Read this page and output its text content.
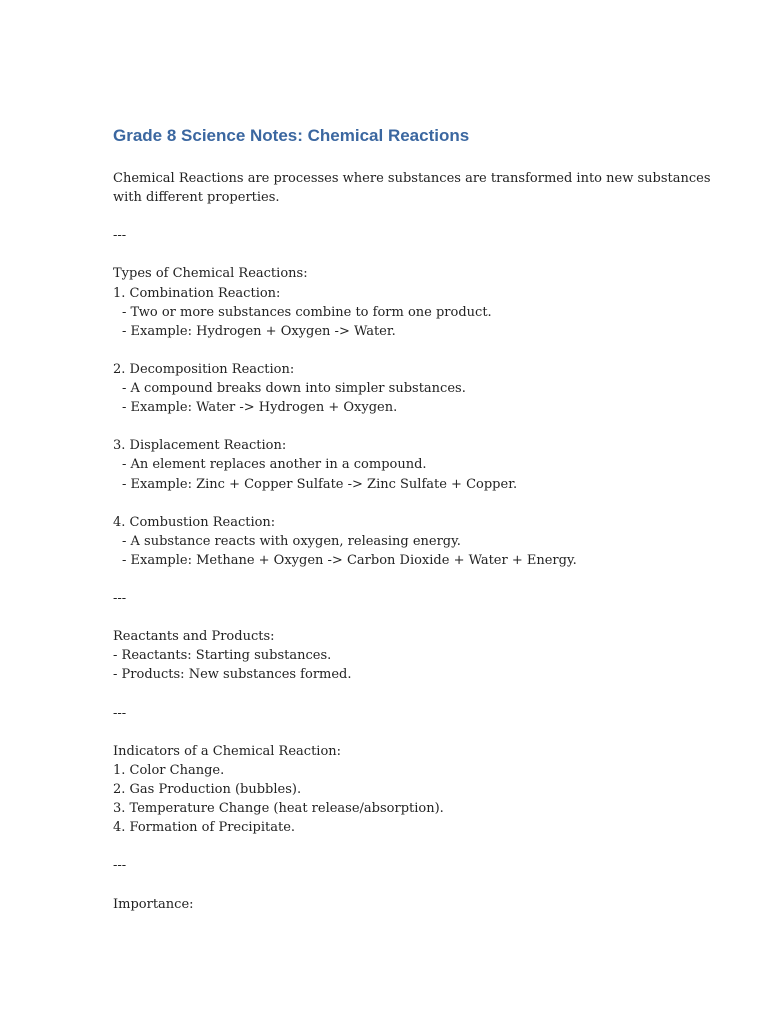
Grade 8 Science Notes: Chemical Reactions

Chemical Reactions are processes where substances are transformed into new substances

with different properties.

---

Types of Chemical Reactions:

1. Combination Reaction:

- Two or more substances combine to form one product.

- Example: Hydrogen + Oxygen -> Water.

2. Decomposition Reaction:

- A compound breaks down into simpler substances.

- Example: Water -> Hydrogen + Oxygen.

3. Displacement Reaction:

- An element replaces another in a compound.

- Example: Zinc + Copper Sulfate -> Zinc Sulfate + Copper.

4. Combustion Reaction:

- A substance reacts with oxygen, releasing energy.

- Example: Methane + Oxygen -> Carbon Dioxide + Water + Energy.

---

Reactants and Products:

- Reactants: Starting substances.

- Products: New substances formed.

---

Indicators of a Chemical Reaction:

1. Color Change.

2. Gas Production (bubbles).

3. Temperature Change (heat release/absorption).

4. Formation of Precipitate.

---

Importance:
